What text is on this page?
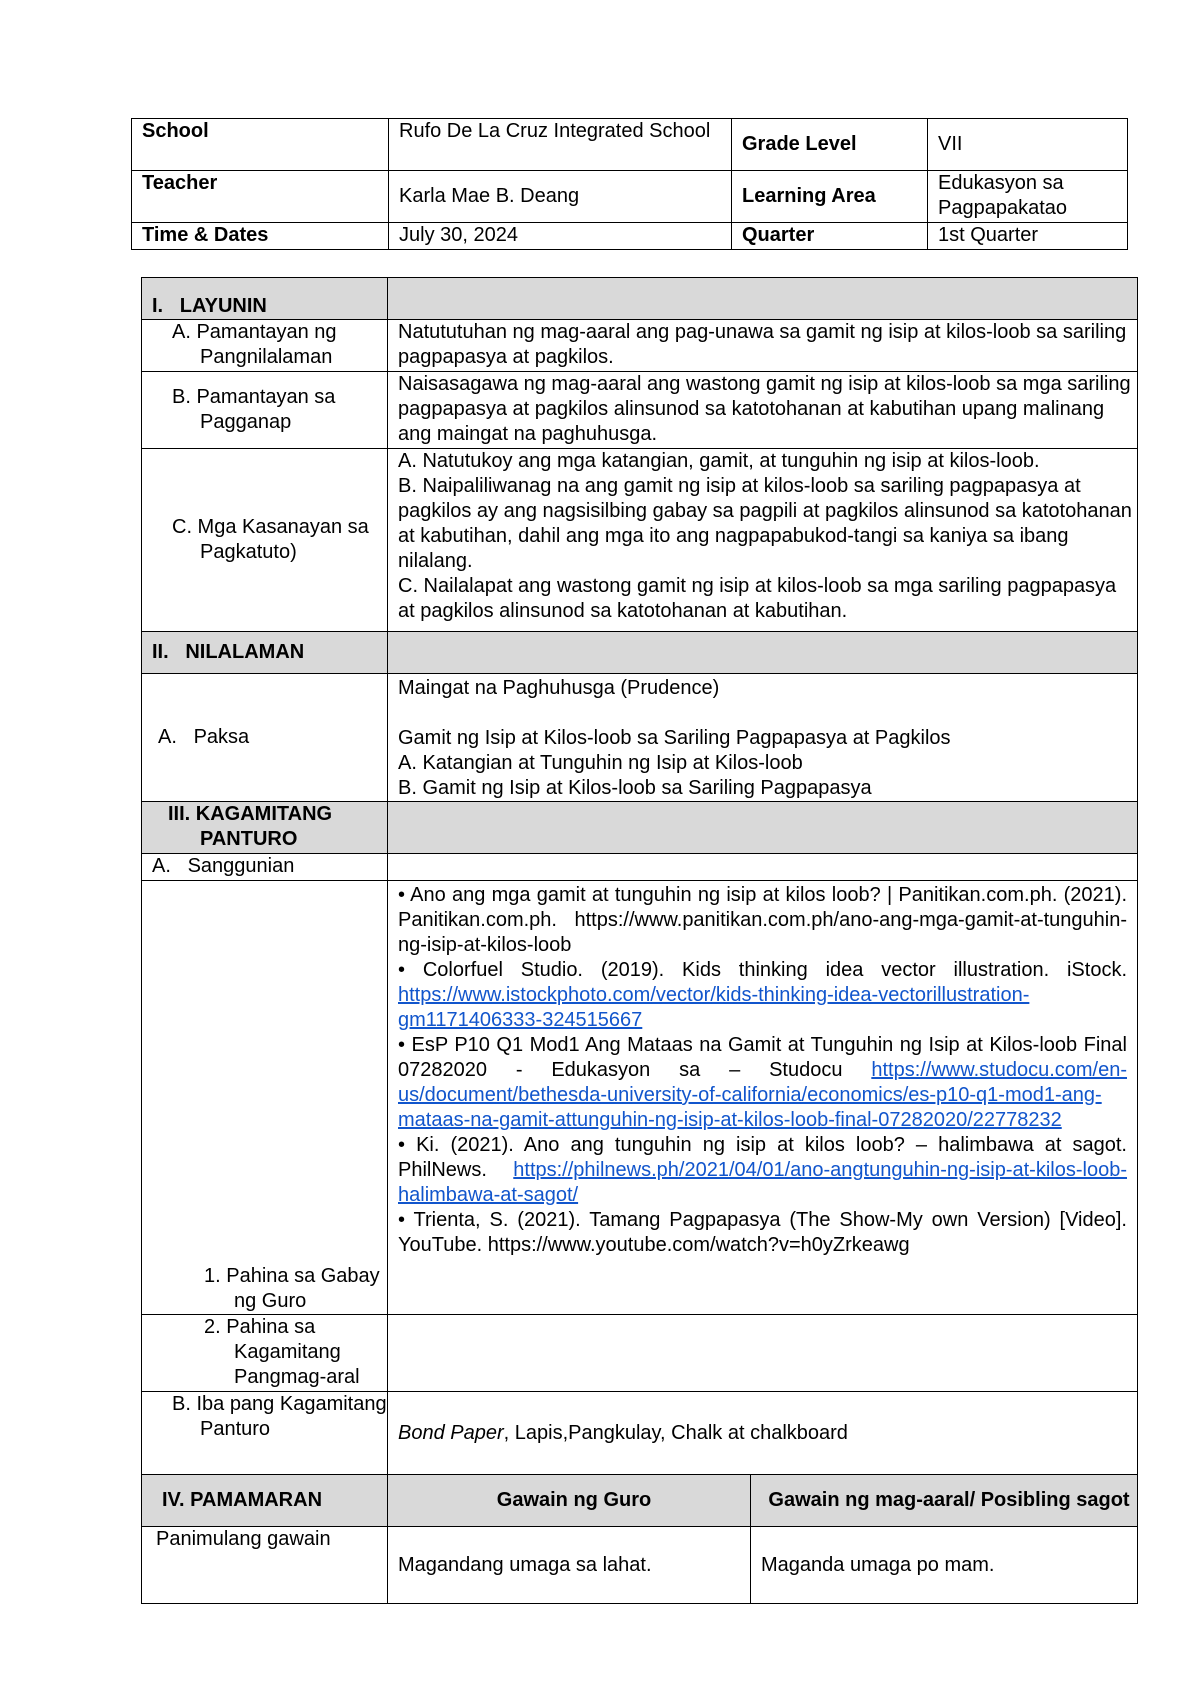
School	Rufo De La Cruz Integrated School	Grade Level	VII
Teacher	Karla Mae B. Deang	Learning Area	Edukasyon sa Pagpapakatao
Time & Dates	July 30, 2024	Quarter	1st Quarter
I.   LAYUNIN		

A. Pamantayan ng Pangnilalaman	Natututuhan ng mag-aaral ang pag-unawa sa gamit ng isip at kilos-loob sa sariling pagpapasya at pagkilos.	

B. Pamantayan sa Pagganap	Naisasagawa ng mag-aaral ang wastong gamit ng isip at kilos-loob sa mga sariling pagpapasya at pagkilos alinsunod sa katotohanan at kabutihan upang malinang ang maingat na paghuhusga.	

C. Mga Kasanayan sa Pagkatuto)	A. Natutukoy ang mga katangian, gamit, at tunguhin ng isip at kilos-loob.
B. Naipaliliwanag na ang gamit ng isip at kilos-loob sa sariling pagpapasya at pagkilos ay ang nagsisilbing gabay sa pagpili at pagkilos alinsunod sa katotohanan at kabutihan, dahil ang mga ito ang nagpapabukod-tangi sa kaniya sa ibang nilalang.
C. Nailalapat ang wastong gamit ng isip at kilos-loob sa mga sariling pagpapasya at pagkilos alinsunod sa katotohanan at kabutihan.	

II.   NILALAMAN		
A.   Paksa	Maingat na Paghuhusga (Prudence)
Gamit ng Isip at Kilos-loob sa Sariling Pagpapasya at Pagkilos
A. Katangian at Tunguhin ng Isip at Kilos-loob
B. Gamit ng Isip at Kilos-loob sa Sariling Pagpapasya	

III. KAGAMITANG PANTURO		

A.   Sanggunian		

1. Pahina sa Gabay ng Guro	• Ano ang mga gamit at tunguhin ng isip at kilos loob? | Panitikan.com.ph. (2021). Panitikan.com.ph. https://www.panitikan.com.ph/ano-ang-mga-gamit-at-tunguhin-ng-isip-at-kilos-loob
• Colorfuel Studio. (2019). Kids thinking idea vector illustration. iStock. https://www.istockphoto.com/vector/kids-thinking-idea-vectorillustration-gm1171406333-324515667
• EsP P10 Q1 Mod1 Ang Mataas na Gamit at Tunguhin ng Isip at Kilos-loob Final 07282020 - Edukasyon sa – Studocu https://www.studocu.com/en-us/document/bethesda-university-of-california/economics/es-p10-q1-mod1-ang-mataas-na-gamit-attunguhin-ng-isip-at-kilos-loob-final-07282020/22778232
• Ki. (2021). Ano ang tunguhin ng isip at kilos loob? – halimbawa at sagot. PhilNews. https://philnews.ph/2021/04/01/ano-angtunguhin-ng-isip-at-kilos-loob-halimbawa-at-sagot/
• Trienta, S. (2021). Tamang Pagpapasya (The Show-My own Version) [Video]. YouTube. https://www.youtube.com/watch?v=h0yZrkeawg	

2. Pahina sa Kagamitang Pangmag-aral		

B. Iba pang Kagamitang Panturo	Bond Paper, Lapis,Pangkulay, Chalk at chalkboard	
IV. PAMAMARAN	Gawain ng Guro	Gawain ng mag-aaral/ Posibling sagot
Panimulang gawain	Magandang umaga sa lahat.	Maganda umaga po mam.
